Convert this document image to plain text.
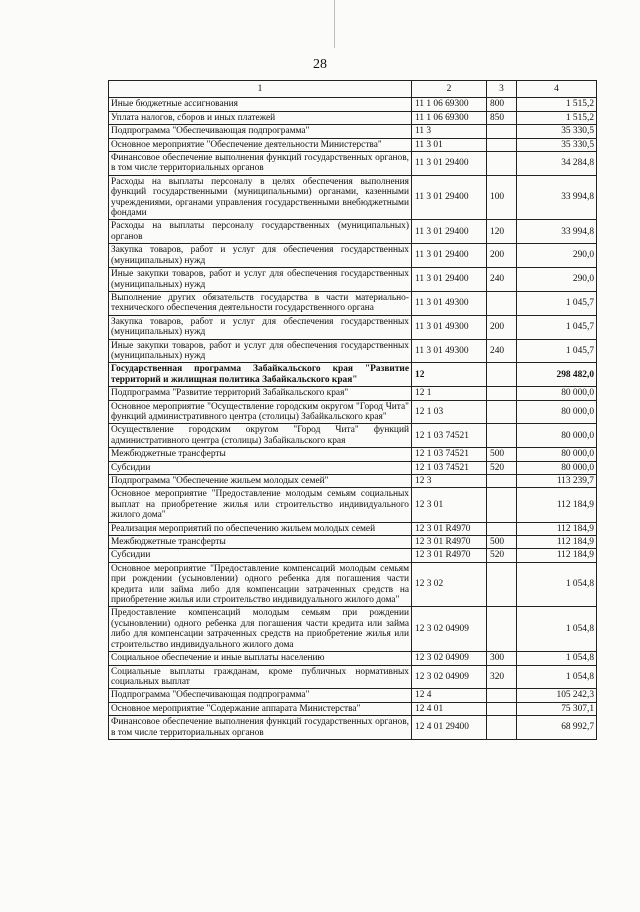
28
1	2	3	4
Иные бюджетные ассигнования	11 1 06 69300	800	1 515,2
Уплата налогов, сборов и иных платежей	11 1 06 69300	850	1 515,2
Подпрограмма "Обеспечивающая подпрограмма"	11 3		35 330,5
Основное мероприятие "Обеспечение деятельности Министерства"	11 3 01		35 330,5
Финансовое обеспечение выполнения функций государственных органов, в том числе территориальных органов	11 3 01 29400		34 284,8
Расходы на выплаты персоналу в целях обеспечения выполнения функций государственными (муниципальными) органами, казенными учреждениями, органами управления государственными внебюджетными фондами	11 3 01 29400	100	33 994,8
Расходы на выплаты персоналу государственных (муниципальных) органов	11 3 01 29400	120	33 994,8
Закупка товаров, работ и услуг для обеспечения государственных (муниципальных) нужд	11 3 01 29400	200	290,0
Иные закупки товаров, работ и услуг для обеспечения государственных (муниципальных) нужд	11 3 01 29400	240	290,0
Выполнение других обязательств государства в части материально-технического обеспечения деятельности государственного органа	11 3 01 49300		1 045,7
Закупка товаров, работ и услуг для обеспечения государственных (муниципальных) нужд	11 3 01 49300	200	1 045,7
Иные закупки товаров, работ и услуг для обеспечения государственных (муниципальных) нужд	11 3 01 49300	240	1 045,7
Государственная программа Забайкальского края "Развитие территорий и жилищная политика Забайкальского края"	12		298 482,0
Подпрограмма "Развитие территорий Забайкальского края"	12 1		80 000,0
Основное мероприятие "Осуществление городским округом "Город Чита" функций административного центра (столицы) Забайкальского края"	12 1 03		80 000,0
Осуществление городским округом "Город Чита" функций административного центра (столицы) Забайкальского края	12 1 03 74521		80 000,0
Межбюджетные трансферты	12 1 03 74521	500	80 000,0
Субсидии	12 1 03 74521	520	80 000,0
Подпрограмма "Обеспечение жильем молодых семей"	12 3		113 239,7
Основное мероприятие "Предоставление молодым семьям социальных выплат на приобретение жилья или строительство индивидуального жилого дома"	12 3 01		112 184,9
Реализация мероприятий по обеспечению жильем молодых семей	12 3 01 R4970		112 184,9
Межбюджетные трансферты	12 3 01 R4970	500	112 184,9
Субсидии	12 3 01 R4970	520	112 184,9
Основное мероприятие "Предоставление компенсаций молодым семьям при рождении (усыновлении) одного ребенка для погашения части кредита или займа либо для компенсации затраченных средств на приобретение жилья или строительство индивидуального жилого дома"	12 3 02		1 054,8
Предоставление компенсаций молодым семьям при рождении (усыновлении) одного ребенка для погашения части кредита или займа либо для компенсации затраченных средств на приобретение жилья или строительство индивидуального жилого дома	12 3 02 04909		1 054,8
Социальное обеспечение и иные выплаты населению	12 3 02 04909	300	1 054,8
Социальные выплаты гражданам, кроме публичных нормативных социальных выплат	12 3 02 04909	320	1 054,8
Подпрограмма "Обеспечивающая подпрограмма"	12 4		105 242,3
Основное мероприятие "Содержание аппарата Министерства"	12 4 01		75 307,1
Финансовое обеспечение выполнения функций государственных органов, в том числе территориальных органов	12 4 01 29400		68 992,7
